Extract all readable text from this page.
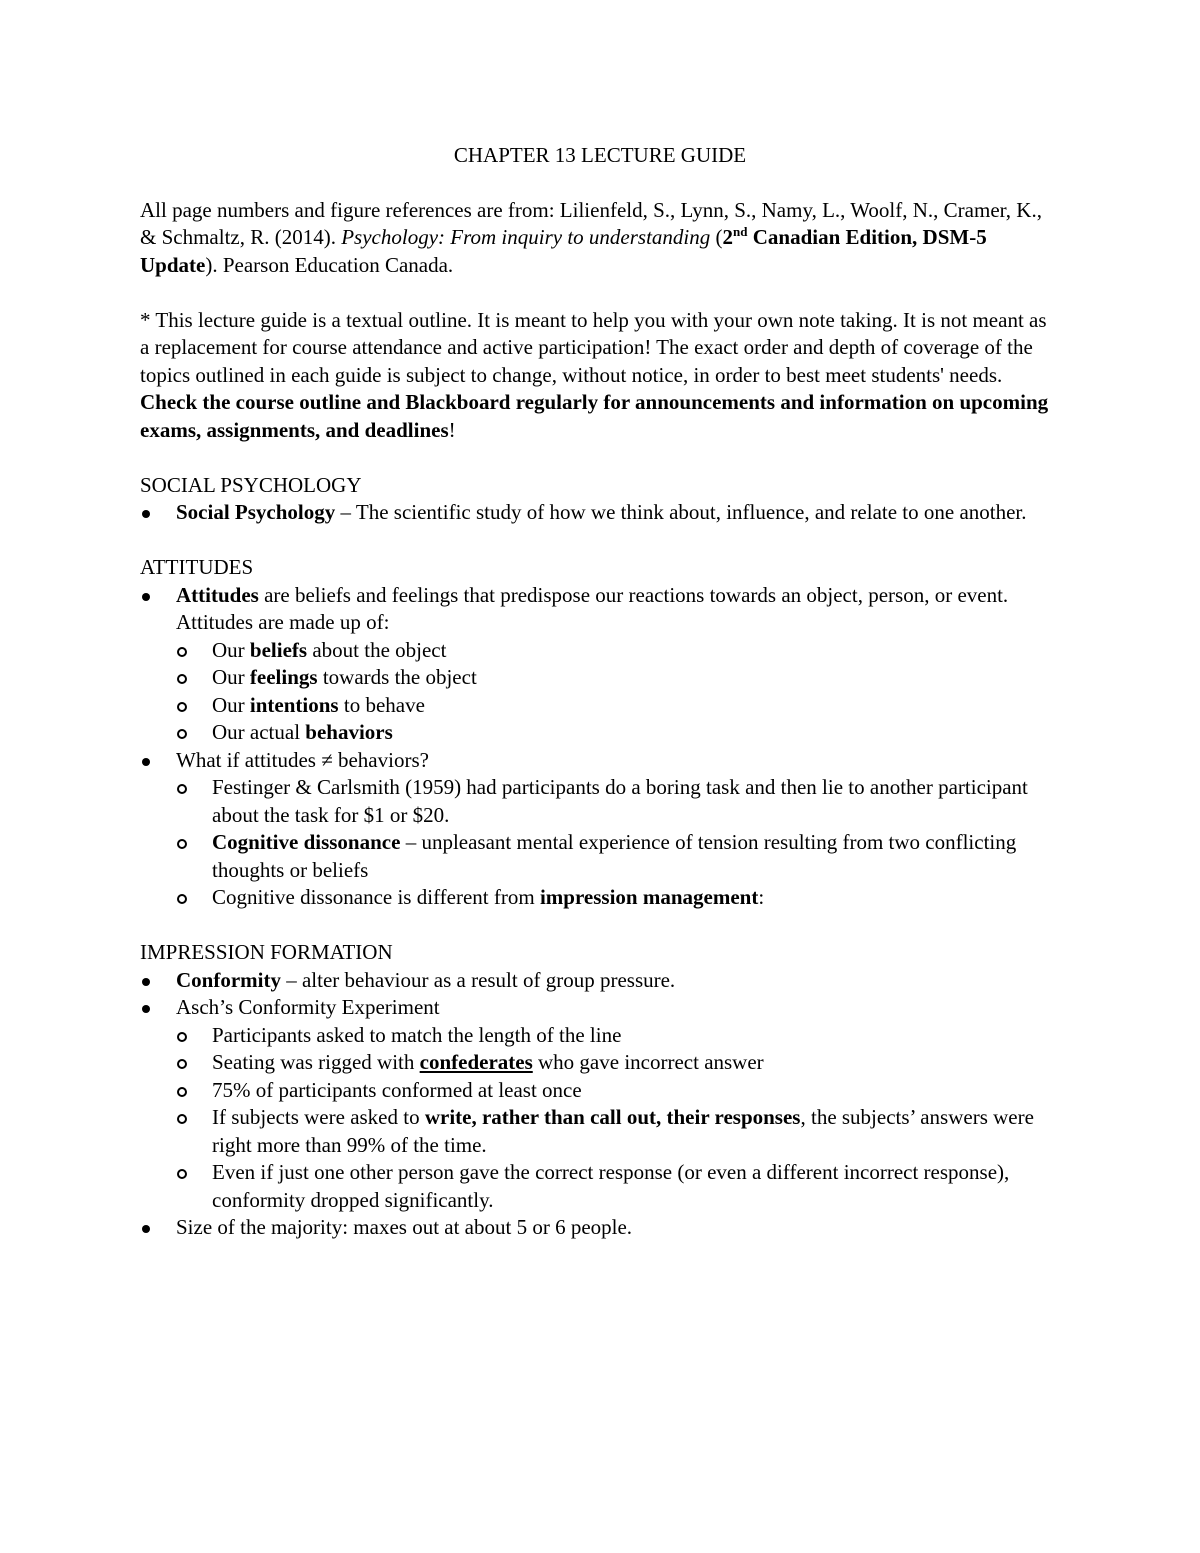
CHAPTER 13 LECTURE GUIDE

All page numbers and figure references are from: Lilienfeld, S., Lynn, S., Namy, L., Woolf, N., Cramer, K., & Schmaltz, R. (2014). Psychology: From inquiry to understanding (2nd Canadian Edition, DSM-5 Update). Pearson Education Canada.

* This lecture guide is a textual outline. It is meant to help you with your own note taking. It is not meant as a replacement for course attendance and active participation! The exact order and depth of coverage of the topics outlined in each guide is subject to change, without notice, in order to best meet students' needs. Check the course outline and Blackboard regularly for announcements and information on upcoming exams, assignments, and deadlines!

SOCIAL PSYCHOLOGY
Social Psychology – The scientific study of how we think about, influence, and relate to one another.
ATTITUDES
Attitudes are beliefs and feelings that predispose our reactions towards an object, person, or event. Attitudes are made up of:
Our beliefs about the object
Our feelings towards the object
Our intentions to behave
Our actual behaviors
What if attitudes ≠ behaviors?
Festinger & Carlsmith (1959) had participants do a boring task and then lie to another participant about the task for $1 or $20.
Cognitive dissonance – unpleasant mental experience of tension resulting from two conflicting thoughts or beliefs
Cognitive dissonance is different from impression management:
IMPRESSION FORMATION
Conformity – alter behaviour as a result of group pressure.
Asch’s Conformity Experiment
Participants asked to match the length of the line
Seating was rigged with confederates who gave incorrect answer
75% of participants conformed at least once
If subjects were asked to write, rather than call out, their responses, the subjects’ answers were right more than 99% of the time.
Even if just one other person gave the correct response (or even a different incorrect response), conformity dropped significantly.
Size of the majority: maxes out at about 5 or 6 people.
